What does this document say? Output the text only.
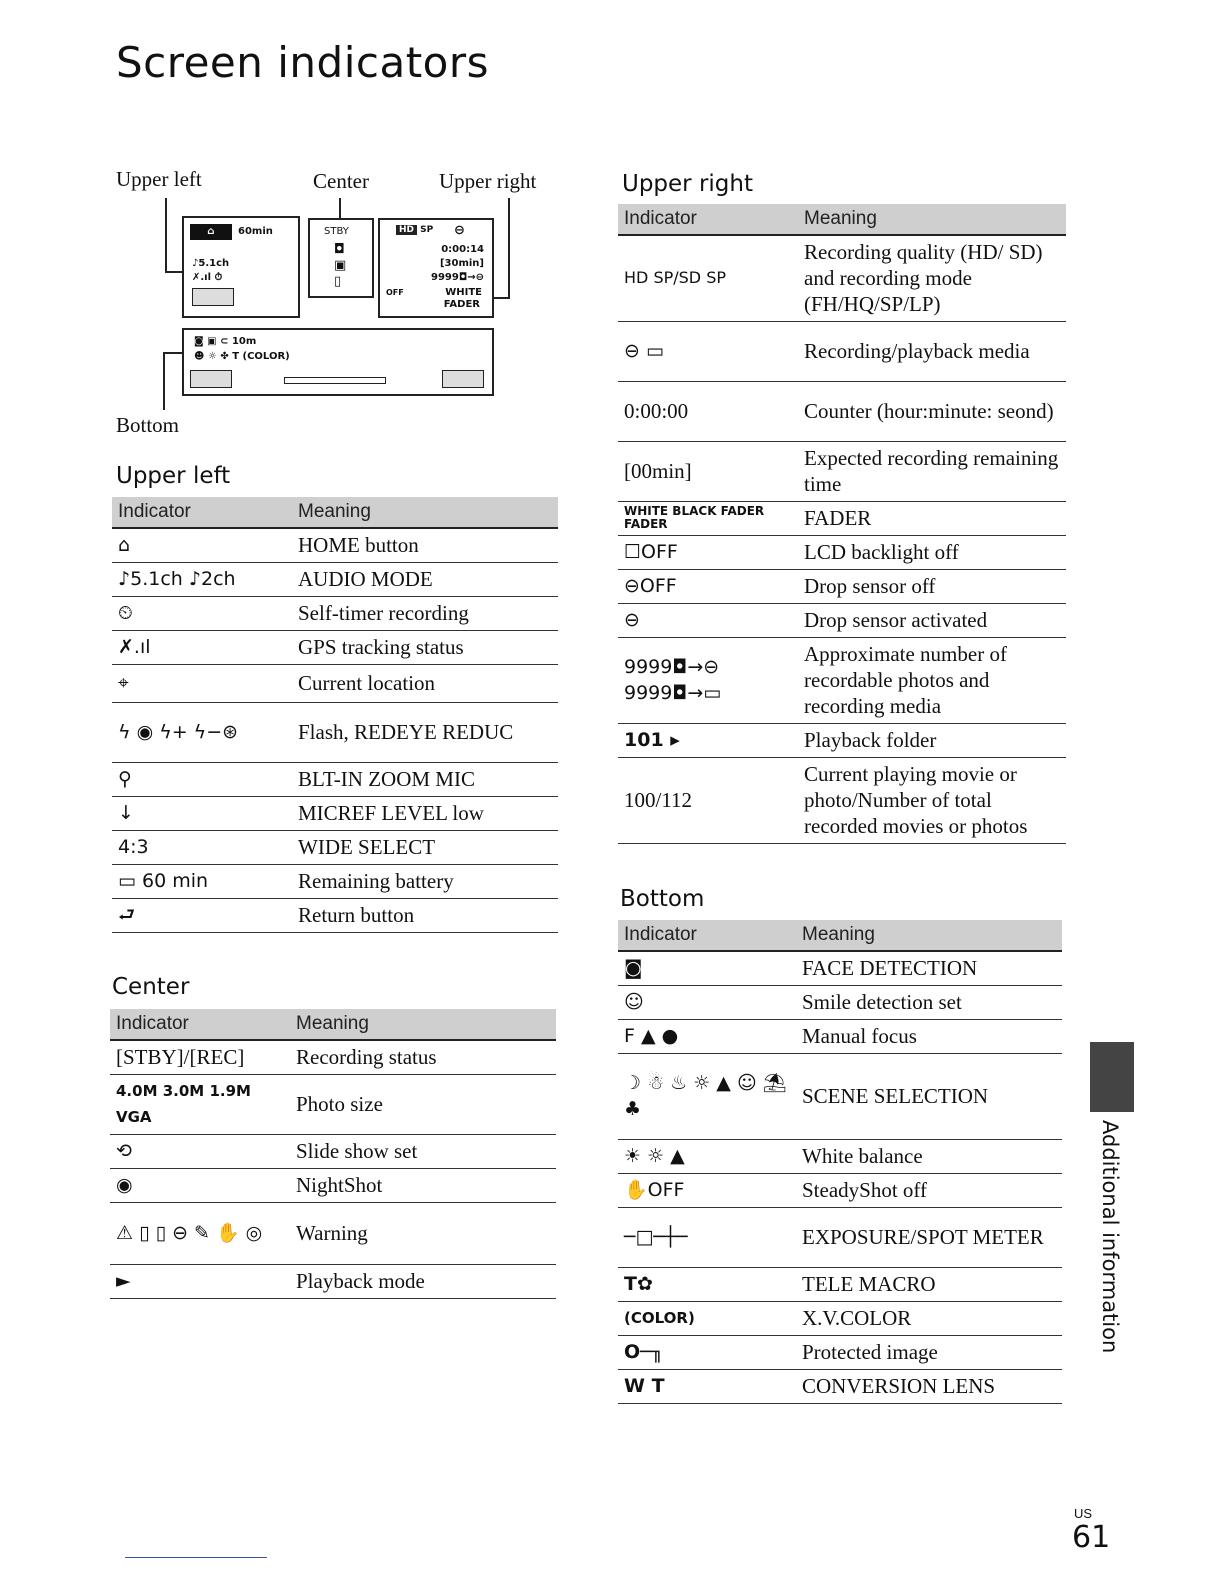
Screen indicators
Upper left	Center	Upper right
Bottom
⌂	60min
♪5.1ch
✗.ıl ⏱
STBY
◘
▣
▯
HD SP ⊖
0:00:14
[30min]
9999◘→⊖
OFF	WHITE
FADER
◙ ▣ ⊂ 10m
☻ ☼ ✤ T (COLOR)
Upper left
Indicator	Meaning
⌂	HOME button
♪5.1ch ♪2ch	AUDIO MODE
⏲	Self-timer recording
✗.ıl	GPS tracking status
⌖	Current location
ϟ ◉ ϟ+ ϟ−⊛	Flash, REDEYE REDUC
⚲	BLT-IN ZOOM MIC
↓	MICREF LEVEL low
4:3	WIDE SELECT
▭ 60 min	Remaining battery
⮐	Return button
Center
Indicator	Meaning
[STBY]/[REC]	Recording status
4.0M 3.0M 1.9M VGA	Photo size
⟲	Slide show set
◉	NightShot
⚠ ▯ ▯ ⊖ ✎ ✋ ◎	Warning
►	Playback mode
Upper right
Indicator	Meaning
HD SP/SD SP	Recording quality (HD/ SD) and recording mode (FH/HQ/SP/LP)
⊖ ▭	Recording/playback media
0:00:00	Counter (hour:minute: seond)
[00min]	Expected recording remaining time
WHITE BLACK FADER FADER	FADER
☐OFF	LCD backlight off
⊖OFF	Drop sensor off
⊖	Drop sensor activated
9999◘→⊖ 9999◘→▭	Approximate number of recordable photos and recording media
101 ▸	Playback folder
100/112	Current playing movie or photo/Number of total recorded movies or photos
Bottom
Indicator	Meaning
◙	FACE DETECTION
☺	Smile detection set
F ▲ ●	Manual focus
☽ ☃ ♨ ☼ ▲ ☺ ⛱ ♣	SCENE SELECTION
☀ ☼ ▲	White balance
✋OFF	SteadyShot off
─□─┼─	EXPOSURE/SPOT METER
T✿	TELE MACRO
(COLOR)	X.V.COLOR
O─╖	Protected image
W T	CONVERSION LENS
Additional information
US
61
